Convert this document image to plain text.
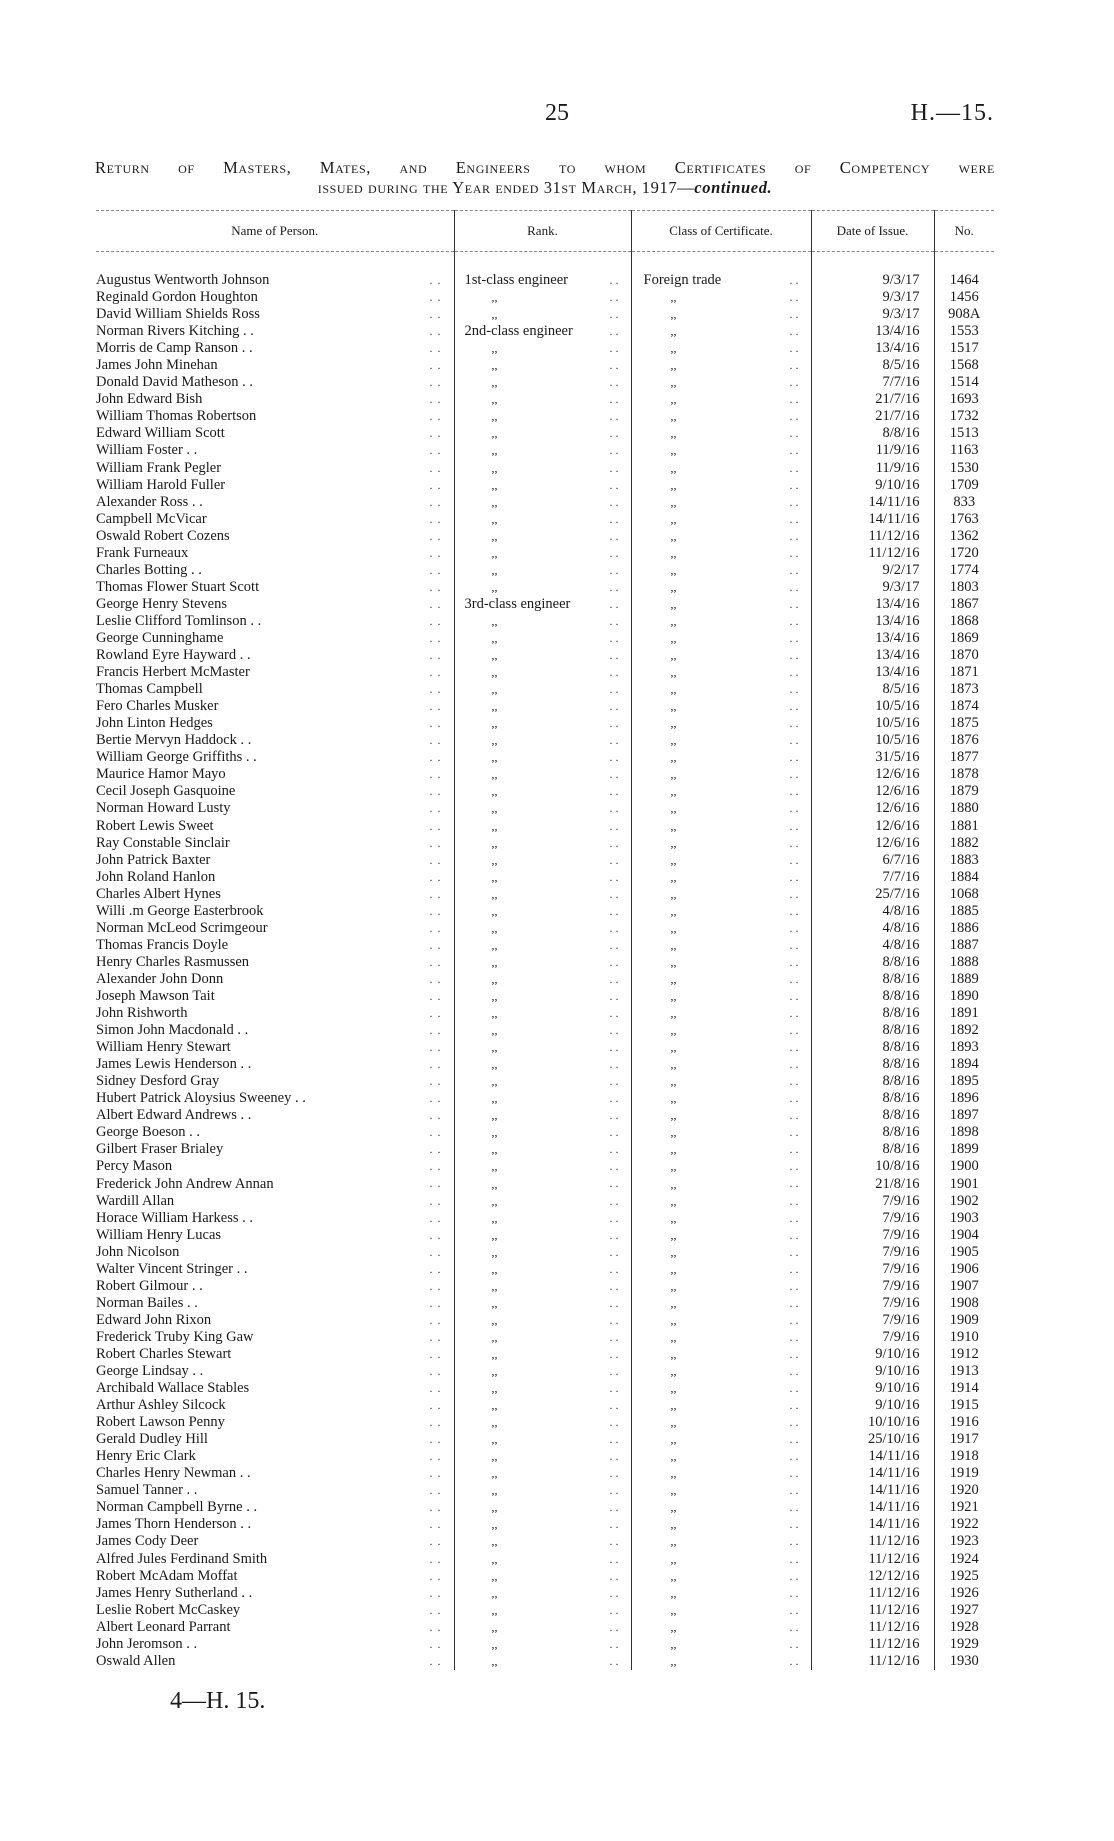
25	H.—15.
Return of Masters, Mates, and Engineers to whom Certificates of Competency were
issued during the Year ended 31st March, 1917—continued.
Name of Person.	Rank.	Class of Certificate.	Date of Issue.	No.

Augustus Wentworth Johnson . .	1st-class engineer . .	Foreign trade . .	9/3/17	1464
Reginald Gordon Houghton . .	,, . .	,, . .	9/3/17	1456
David William Shields Ross . .	,, . .	,, . .	9/3/17	908A
Norman Rivers Kitching . . . .	2nd-class engineer . .	,, . .	13/4/16	1553
Morris de Camp Ranson . . . .	,, . .	,, . .	13/4/16	1517
James John Minehan . .	,, . .	,, . .	8/5/16	1568
Donald David Matheson . . . .	,, . .	,, . .	7/7/16	1514
John Edward Bish . .	,, . .	,, . .	21/7/16	1693
William Thomas Robertson . .	,, . .	,, . .	21/7/16	1732
Edward William Scott . .	,, . .	,, . .	8/8/16	1513
William Foster . . . .	,, . .	,, . .	11/9/16	1163
William Frank Pegler . .	,, . .	,, . .	11/9/16	1530
William Harold Fuller . .	,, . .	,, . .	9/10/16	1709
Alexander Ross . . . .	,, . .	,, . .	14/11/16	833
Campbell McVicar . .	,, . .	,, . .	14/11/16	1763
Oswald Robert Cozens . .	,, . .	,, . .	11/12/16	1362
Frank Furneaux . .	,, . .	,, . .	11/12/16	1720
Charles Botting . . . .	,, . .	,, . .	9/2/17	1774
Thomas Flower Stuart Scott . .	,, . .	,, . .	9/3/17	1803
George Henry Stevens . .	3rd-class engineer . .	,, . .	13/4/16	1867
Leslie Clifford Tomlinson . . . .	,, . .	,, . .	13/4/16	1868
George Cunninghame . .	,, . .	,, . .	13/4/16	1869
Rowland Eyre Hayward . . . .	,, . .	,, . .	13/4/16	1870
Francis Herbert McMaster . .	,, . .	,, . .	13/4/16	1871
Thomas Campbell . .	,, . .	,, . .	8/5/16	1873
Fero Charles Musker . .	,, . .	,, . .	10/5/16	1874
John Linton Hedges . .	,, . .	,, . .	10/5/16	1875
Bertie Mervyn Haddock . . . .	,, . .	,, . .	10/5/16	1876
William George Griffiths . . . .	,, . .	,, . .	31/5/16	1877
Maurice Hamor Mayo . .	,, . .	,, . .	12/6/16	1878
Cecil Joseph Gasquoine . .	,, . .	,, . .	12/6/16	1879
Norman Howard Lusty . .	,, . .	,, . .	12/6/16	1880
Robert Lewis Sweet . .	,, . .	,, . .	12/6/16	1881
Ray Constable Sinclair . .	,, . .	,, . .	12/6/16	1882
John Patrick Baxter . .	,, . .	,, . .	6/7/16	1883
John Roland Hanlon . .	,, . .	,, . .	7/7/16	1884
Charles Albert Hynes . .	,, . .	,, . .	25/7/16	1068
Willi .m George Easterbrook . .	,, . .	,, . .	4/8/16	1885
Norman McLeod Scrimgeour . .	,, . .	,, . .	4/8/16	1886
Thomas Francis Doyle . .	,, . .	,, . .	4/8/16	1887
Henry Charles Rasmussen . .	,, . .	,, . .	8/8/16	1888
Alexander John Donn . .	,, . .	,, . .	8/8/16	1889
Joseph Mawson Tait . .	,, . .	,, . .	8/8/16	1890
John Rishworth . .	,, . .	,, . .	8/8/16	1891
Simon John Macdonald . . . .	,, . .	,, . .	8/8/16	1892
William Henry Stewart . .	,, . .	,, . .	8/8/16	1893
James Lewis Henderson . . . .	,, . .	,, . .	8/8/16	1894
Sidney Desford Gray . .	,, . .	,, . .	8/8/16	1895
Hubert Patrick Aloysius Sweeney . . . .	,, . .	,, . .	8/8/16	1896
Albert Edward Andrews . . . .	,, . .	,, . .	8/8/16	1897
George Boeson . . . .	,, . .	,, . .	8/8/16	1898
Gilbert Fraser Brialey . .	,, . .	,, . .	8/8/16	1899
Percy Mason . .	,, . .	,, . .	10/8/16	1900
Frederick John Andrew Annan . .	,, . .	,, . .	21/8/16	1901
Wardill Allan . .	,, . .	,, . .	7/9/16	1902
Horace William Harkess . . . .	,, . .	,, . .	7/9/16	1903
William Henry Lucas . .	,, . .	,, . .	7/9/16	1904
John Nicolson . .	,, . .	,, . .	7/9/16	1905
Walter Vincent Stringer . . . .	,, . .	,, . .	7/9/16	1906
Robert Gilmour . . . .	,, . .	,, . .	7/9/16	1907
Norman Bailes . . . .	,, . .	,, . .	7/9/16	1908
Edward John Rixon . .	,, . .	,, . .	7/9/16	1909
Frederick Truby King Gaw . .	,, . .	,, . .	7/9/16	1910
Robert Charles Stewart . .	,, . .	,, . .	9/10/16	1912
George Lindsay . . . .	,, . .	,, . .	9/10/16	1913
Archibald Wallace Stables . .	,, . .	,, . .	9/10/16	1914
Arthur Ashley Silcock . .	,, . .	,, . .	9/10/16	1915
Robert Lawson Penny . .	,, . .	,, . .	10/10/16	1916
Gerald Dudley Hill . .	,, . .	,, . .	25/10/16	1917
Henry Eric Clark . .	,, . .	,, . .	14/11/16	1918
Charles Henry Newman . . . .	,, . .	,, . .	14/11/16	1919
Samuel Tanner . . . .	,, . .	,, . .	14/11/16	1920
Norman Campbell Byrne . . . .	,, . .	,, . .	14/11/16	1921
James Thorn Henderson . . . .	,, . .	,, . .	14/11/16	1922
James Cody Deer . .	,, . .	,, . .	11/12/16	1923
Alfred Jules Ferdinand Smith . .	,, . .	,, . .	11/12/16	1924
Robert McAdam Moffat . .	,, . .	,, . .	12/12/16	1925
James Henry Sutherland . . . .	,, . .	,, . .	11/12/16	1926
Leslie Robert McCaskey . .	,, . .	,, . .	11/12/16	1927
Albert Leonard Parrant . .	,, . .	,, . .	11/12/16	1928
John Jeromson . . . .	,, . .	,, . .	11/12/16	1929
Oswald Allen . .	,, . .	,, . .	11/12/16	1930
4—H. 15.
